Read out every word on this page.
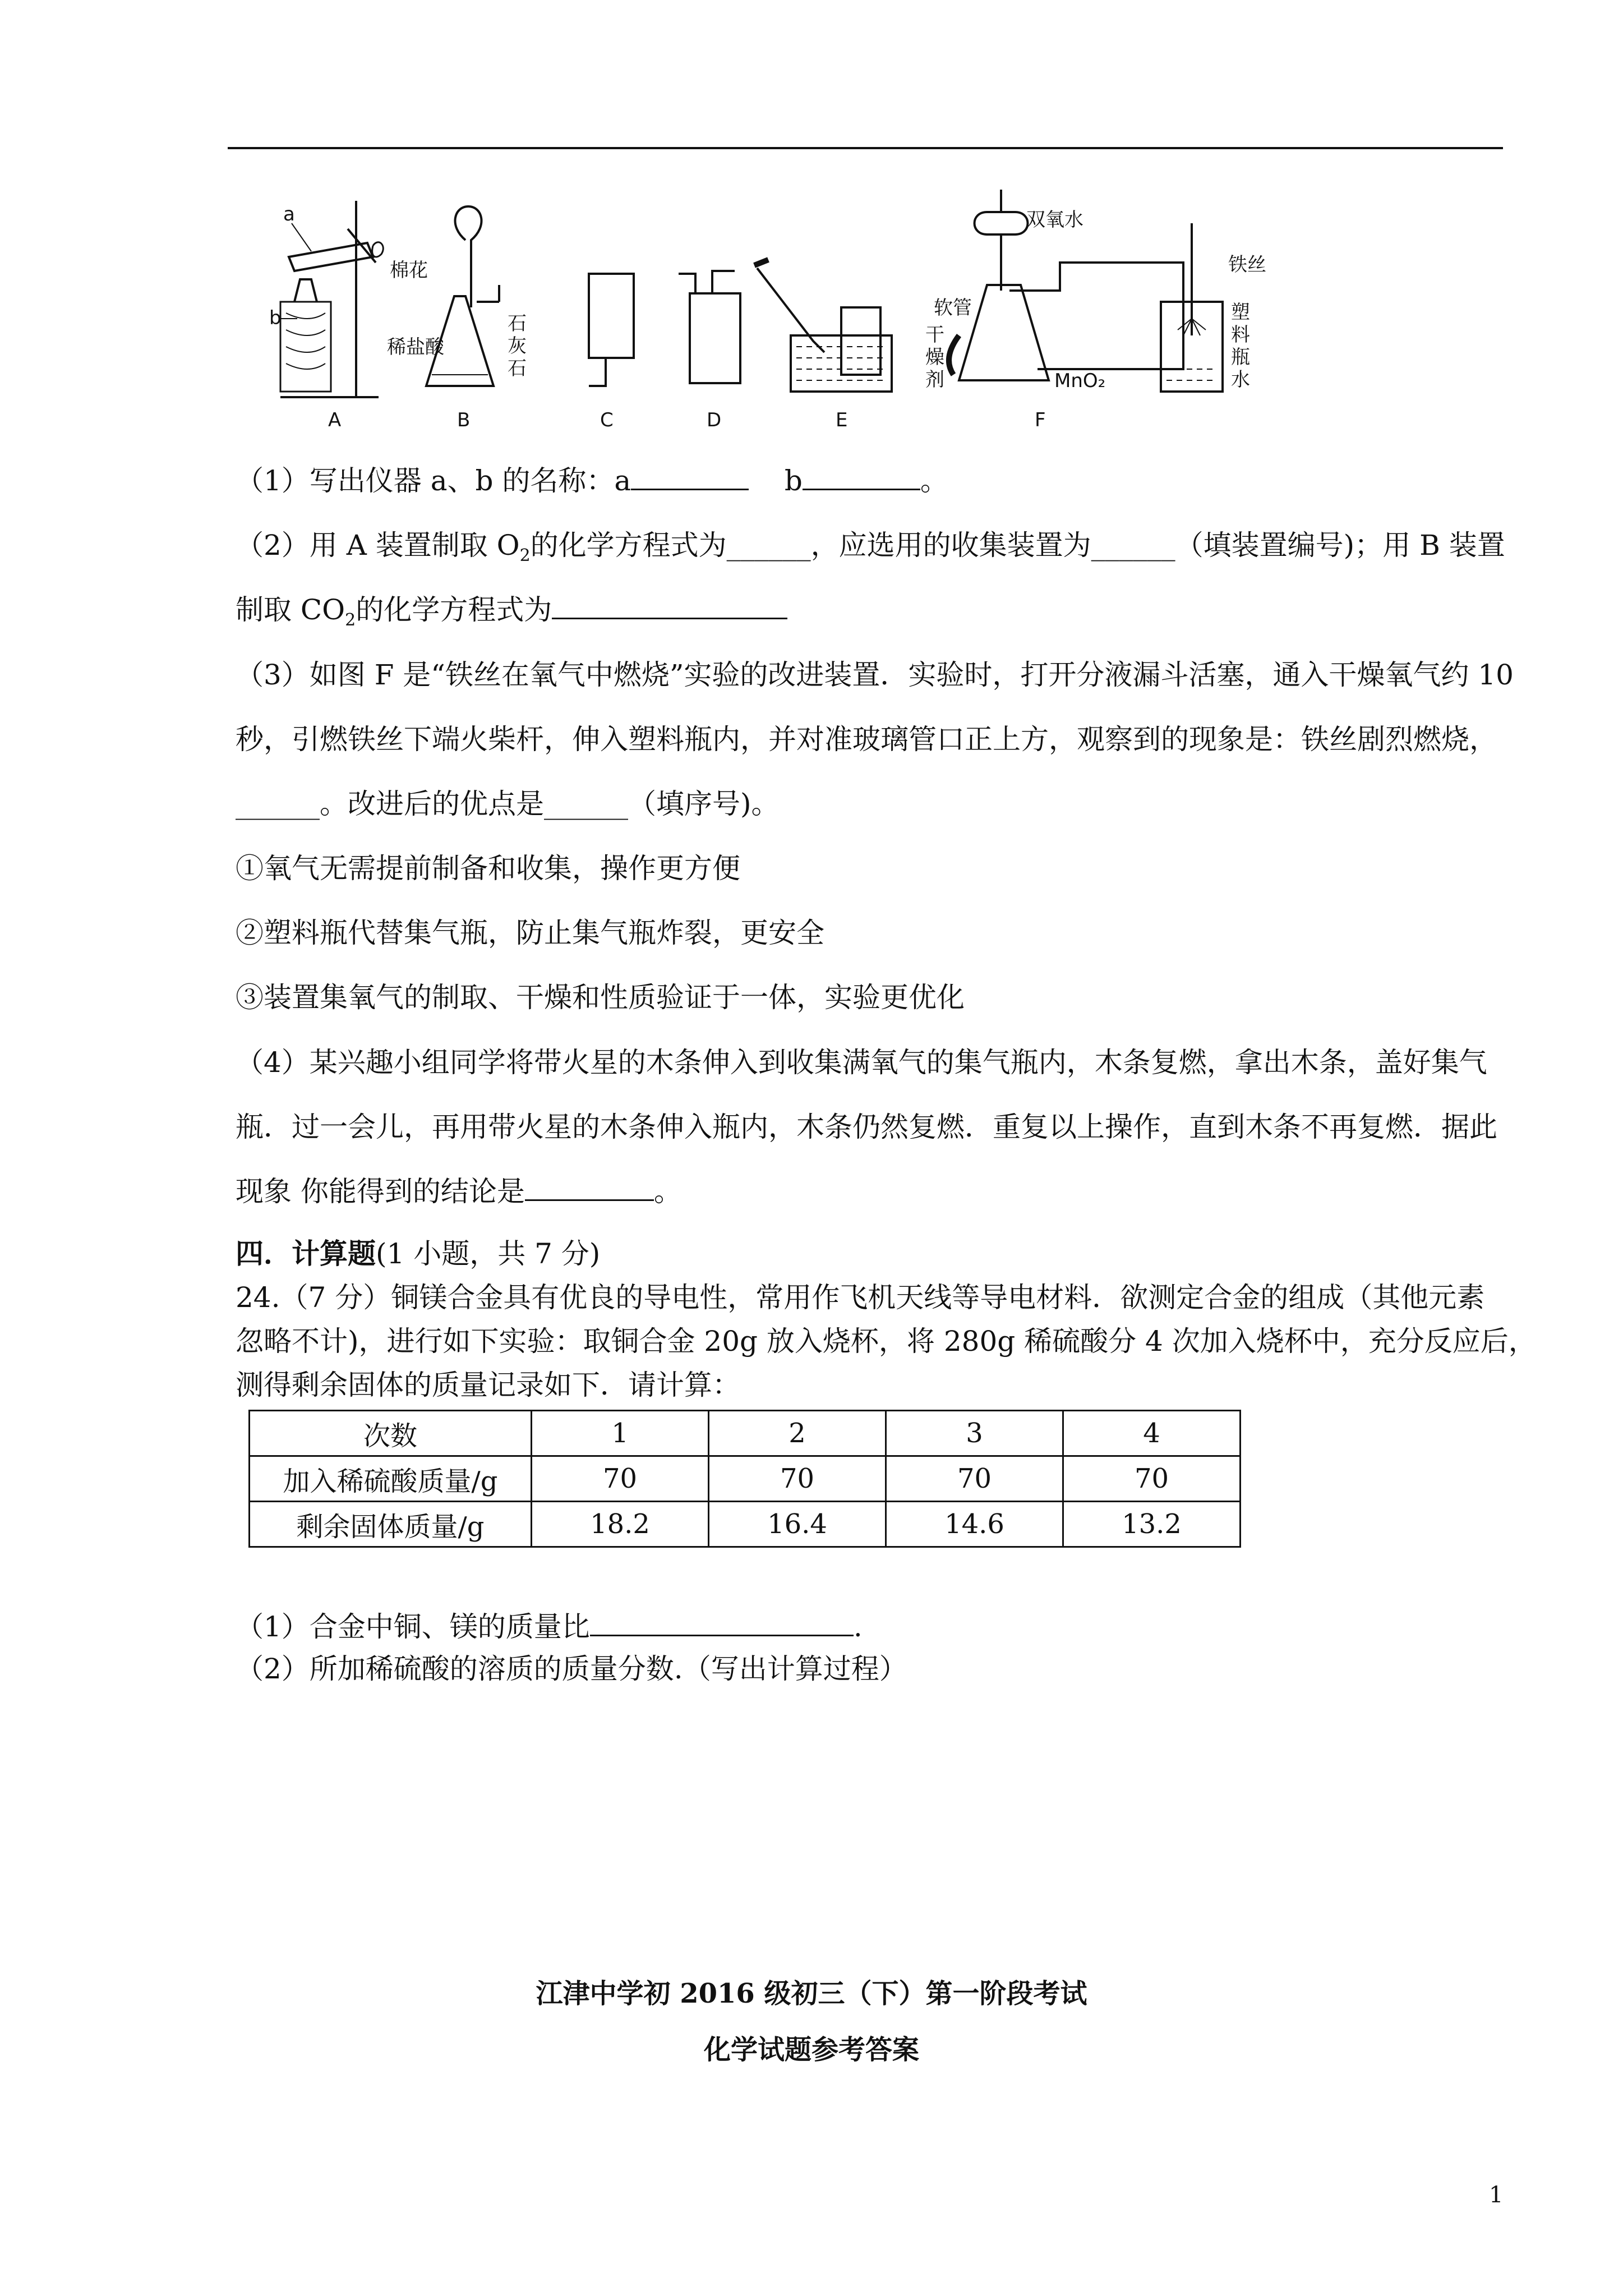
a
b
棉花
稀盐酸
石
灰
石
双氧水
软管
干
燥
剂	MnO₂
铁丝
塑
料
瓶
水
A	B	C	D	E	F
（1）写出仪器 a、b 的名称：a	b	。
（2）用 A 装置制取 $O_2$的化学方程式为______，应选用的收集装置为______（填装置编号)；用 B 装置
制取 $CO_2$的化学方程式为
（3）如图 F 是“铁丝在氧气中燃烧”实验的改进装置．实验时，打开分液漏斗活塞，通入干燥氧气约 10
秒，引燃铁丝下端火柴杆，伸入塑料瓶内，并对准玻璃管口正上方，观察到的现象是：铁丝剧烈燃烧，
______。改进后的优点是______（填序号)。
①氧气无需提前制备和收集，操作更方便
②塑料瓶代替集气瓶，防止集气瓶炸裂，更安全
③装置集氧气的制取、干燥和性质验证于一体，实验更优化
（4）某兴趣小组同学将带火星的木条伸入到收集满氧气的集气瓶内，木条复燃，拿出木条，盖好集气
瓶．过一会儿，再用带火星的木条伸入瓶内，木条仍然复燃．重复以上操作，直到木条不再复燃．据此
现象 你能得到的结论是	。
四．计算题(1 小题，共 7 分)
24.（7 分）铜镁合金具有优良的导电性，常用作飞机天线等导电材料．欲测定合金的组成（其他元素
忽略不计)，进行如下实验：取铜合金 20g 放入烧杯，将 280g 稀硫酸分 4 次加入烧杯中，充分反应后，
测得剩余固体的质量记录如下．请计算：
次数	1	2	3	4
加入稀硫酸质量/g	70	70	70	70
剩余固体质量/g	18.2	16.4	14.6	13.2
（1）合金中铜、镁的质量比	.
（2）所加稀硫酸的溶质的质量分数.（写出计算过程）
江津中学初 2016 级初三（下）第一阶段考试
化学试题参考答案
1
